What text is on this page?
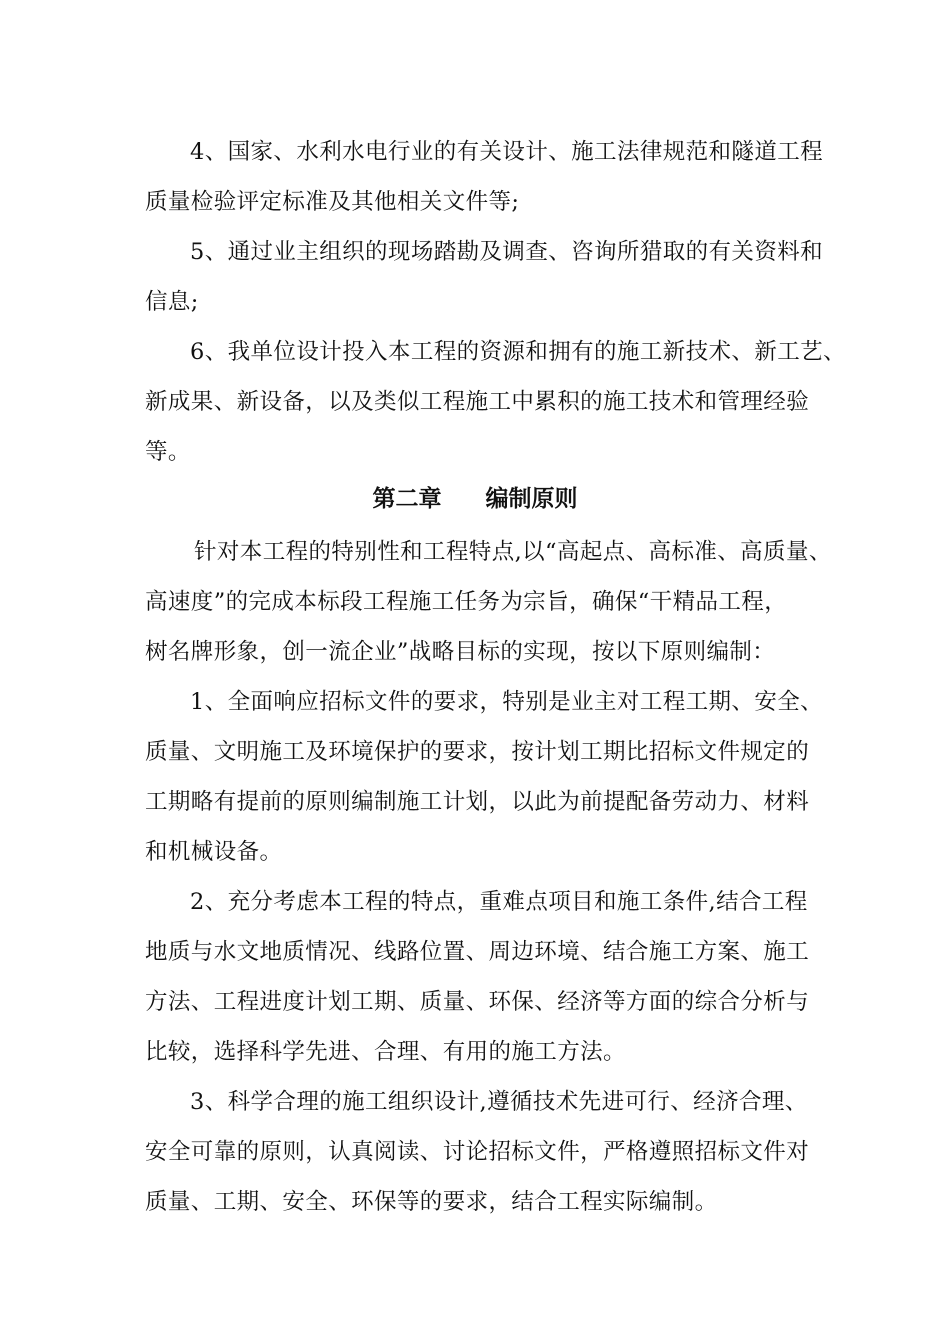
4、国家、水利水电行业的有关设计、施工法律规范和隧道工程
质量检验评定标准及其他相关文件等;
5、通过业主组织的现场踏勘及调查、咨询所猎取的有关资料和
信息;
6、我单位设计投入本工程的资源和拥有的施工新技术、新工艺、
新成果、新设备，以及类似工程施工中累积的施工技术和管理经验
等。
第二章 编制原则
针对本工程的特别性和工程特点,以“高起点、高标准、高质量、
高速度”的完成本标段工程施工任务为宗旨，确保“干精品工程，
树名牌形象，创一流企业”战略目标的实现，按以下原则编制：
1、全面响应招标文件的要求，特别是业主对工程工期、安全、
质量、文明施工及环境保护的要求，按计划工期比招标文件规定的
工期略有提前的原则编制施工计划，以此为前提配备劳动力、材料
和机械设备。
2、充分考虑本工程的特点，重难点项目和施工条件,结合工程
地质与水文地质情况、线路位置、周边环境、结合施工方案、施工
方法、工程进度计划工期、质量、环保、经济等方面的综合分析与
比较，选择科学先进、合理、有用的施工方法。
3、科学合理的施工组织设计,遵循技术先进可行、经济合理、
安全可靠的原则，认真阅读、讨论招标文件，严格遵照招标文件对
质量、工期、安全、环保等的要求，结合工程实际编制。
